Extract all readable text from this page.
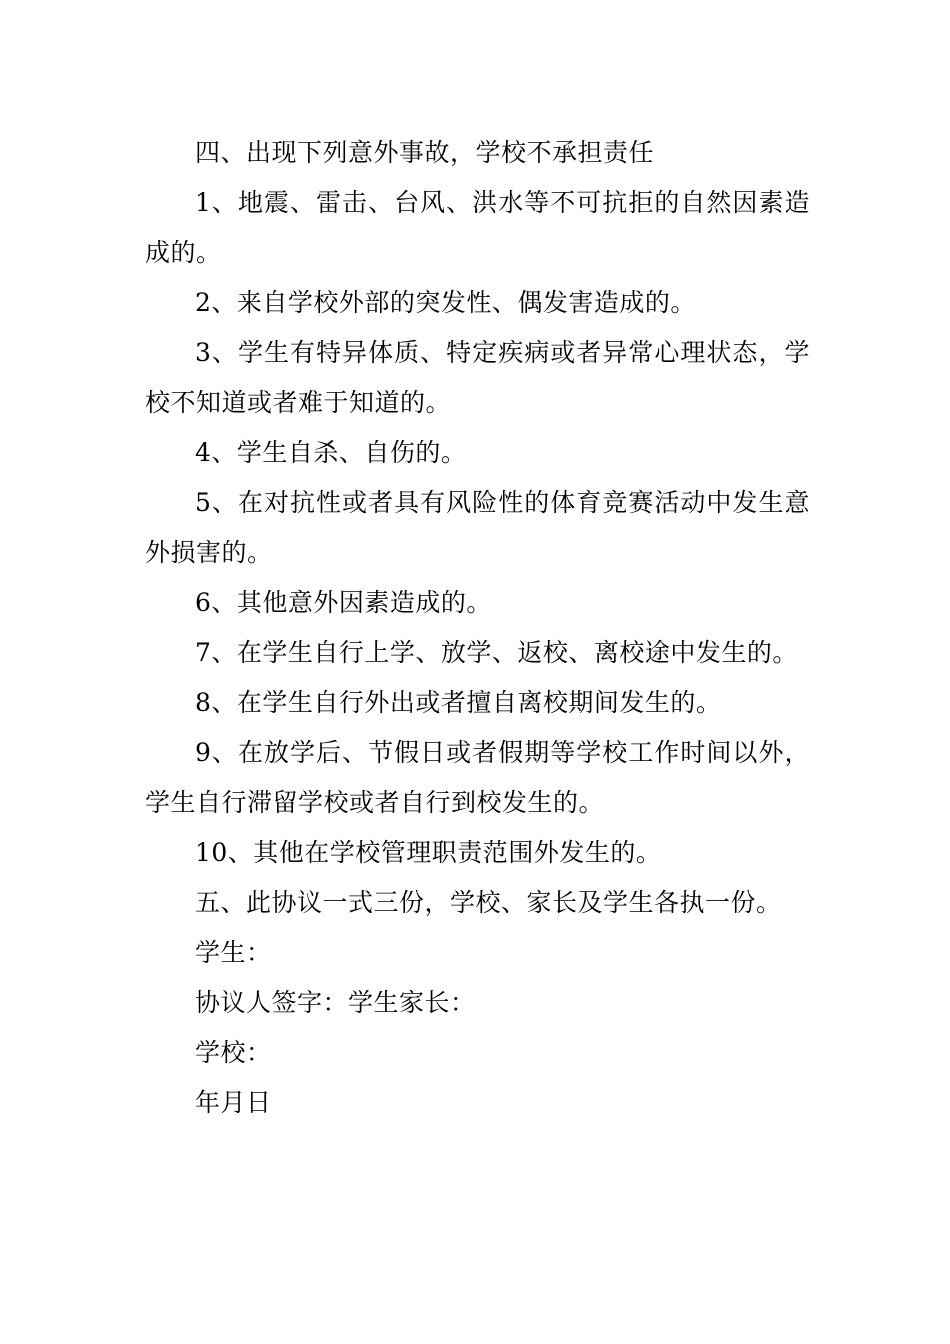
四、出现下列意外事故，学校不承担责任

1、地震、雷击、台风、洪水等不可抗拒的自然因素造成的。

2、来自学校外部的突发性、偶发害造成的。

3、学生有特异体质、特定疾病或者异常心理状态，学校不知道或者难于知道的。

4、学生自杀、自伤的。

5、在对抗性或者具有风险性的体育竞赛活动中发生意外损害的。

6、其他意外因素造成的。

7、在学生自行上学、放学、返校、离校途中发生的。

8、在学生自行外出或者擅自离校期间发生的。

9、在放学后、节假日或者假期等学校工作时间以外，学生自行滞留学校或者自行到校发生的。

10、其他在学校管理职责范围外发生的。

五、此协议一式三份，学校、家长及学生各执一份。

学生：

协议人签字：学生家长：

学校：

年月日
